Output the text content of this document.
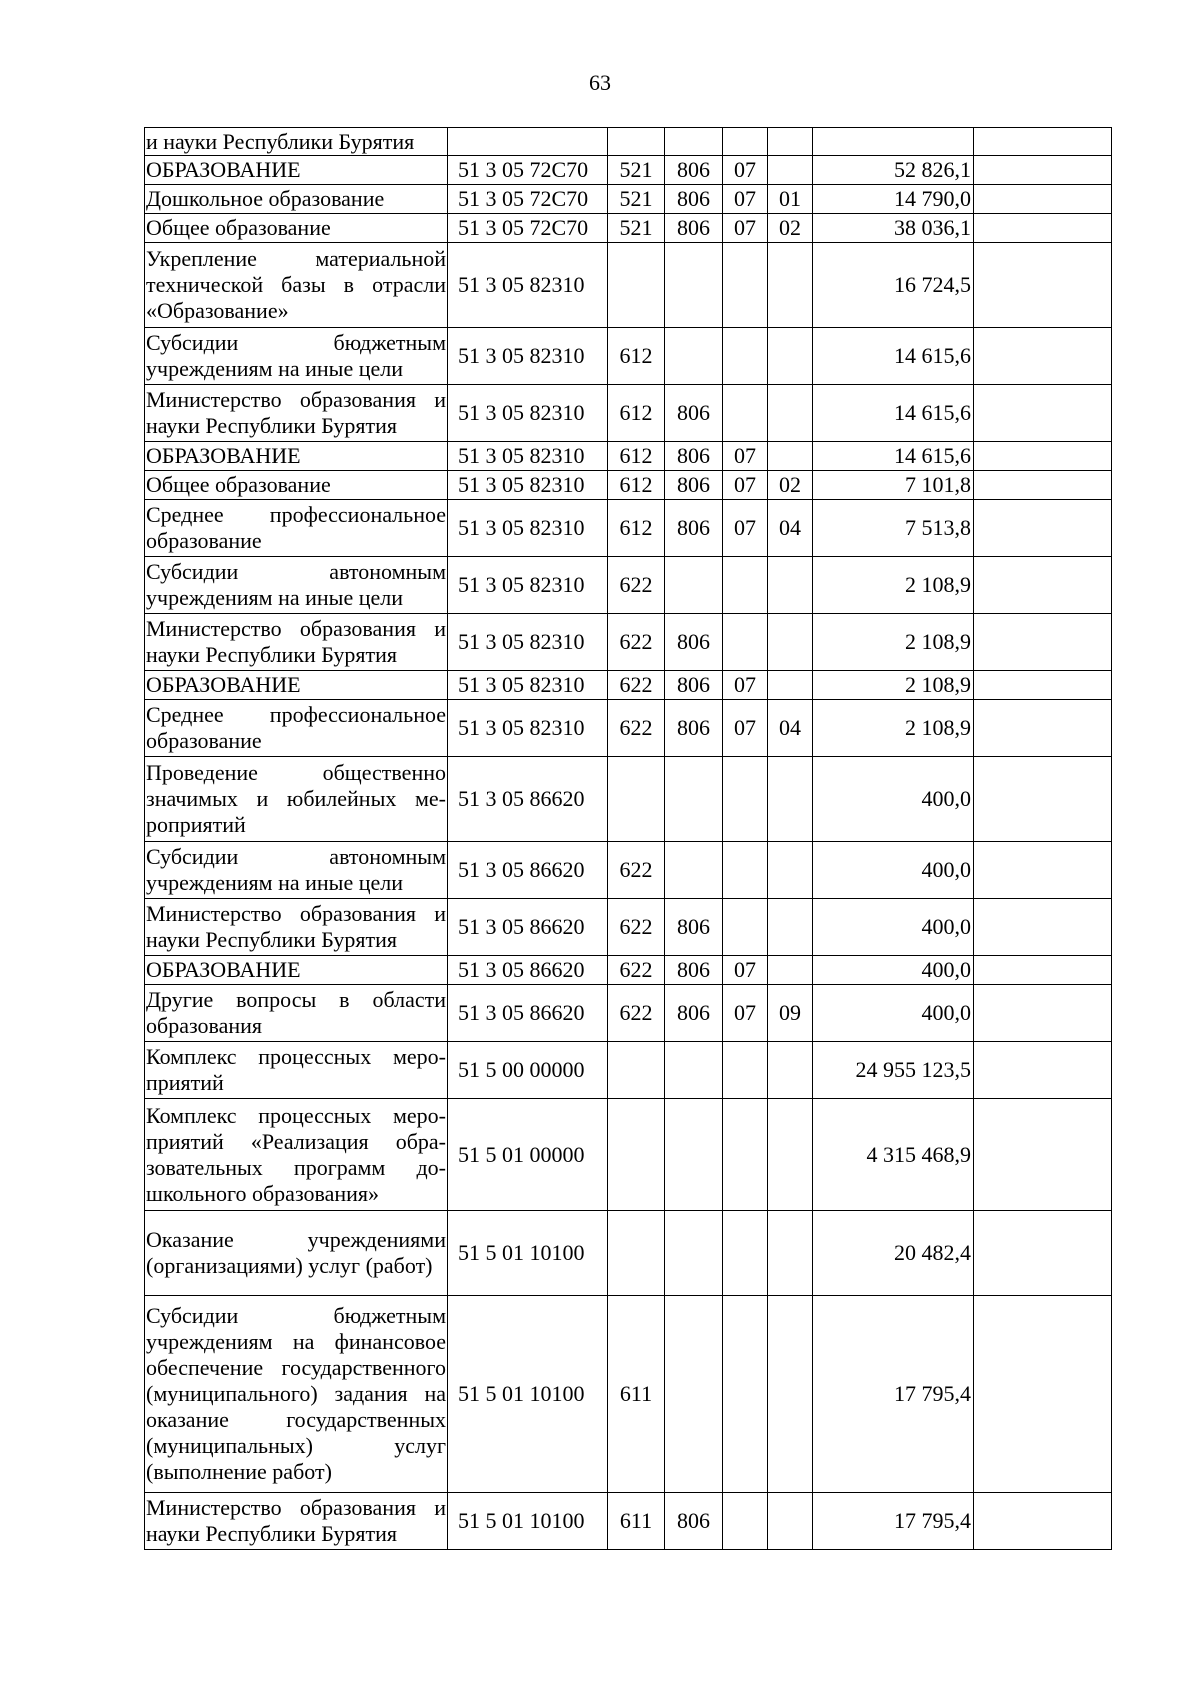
63
и науки Республики Бурятия							
ОБРАЗОВАНИЕ	51 3 05 72С70	521	806	07		52 826,1	
Дошкольное образование	51 3 05 72С70	521	806	07	01	14 790,0	
Общее образование	51 3 05 72С70	521	806	07	02	38 036,1	
Укрепление материальной технической базы в отрасли «Образование»	51 3 05 82310					16 724,5	
Субсидии бюджетным учреждениям на иные цели	51 3 05 82310	612				14 615,6	
Министерство образования и науки Республики Бурятия	51 3 05 82310	612	806			14 615,6	
ОБРАЗОВАНИЕ	51 3 05 82310	612	806	07		14 615,6	
Общее образование	51 3 05 82310	612	806	07	02	7 101,8	
Среднее профессиональное образование	51 3 05 82310	612	806	07	04	7 513,8	
Субсидии автономным учреждениям на иные цели	51 3 05 82310	622				2 108,9	
Министерство образования и науки Республики Бурятия	51 3 05 82310	622	806			2 108,9	
ОБРАЗОВАНИЕ	51 3 05 82310	622	806	07		2 108,9	
Среднее профессиональное образование	51 3 05 82310	622	806	07	04	2 108,9	
Проведение общественно значимых и юбилейных мероприятий	51 3 05 86620					400,0	
Субсидии автономным учреждениям на иные цели	51 3 05 86620	622				400,0	
Министерство образования и науки Республики Бурятия	51 3 05 86620	622	806			400,0	
ОБРАЗОВАНИЕ	51 3 05 86620	622	806	07		400,0	
Другие вопросы в области образования	51 3 05 86620	622	806	07	09	400,0	
Комплекс процессных мероприятий	51 5 00 00000					24 955 123,5	
Комплекс процессных мероприятий «Реализация образовательных программ дошкольного образования»	51 5 01 00000					4 315 468,9	
Оказание учреждениями (организациями) услуг (работ)	51 5 01 10100					20 482,4	
Субсидии бюджетным учреждениям на финансовое обеспечение государственного (муниципального) задания на оказание государственных (муниципальных) услуг (выполнение работ)	51 5 01 10100	611				17 795,4	
Министерство образования и науки Республики Бурятия	51 5 01 10100	611	806			17 795,4	
